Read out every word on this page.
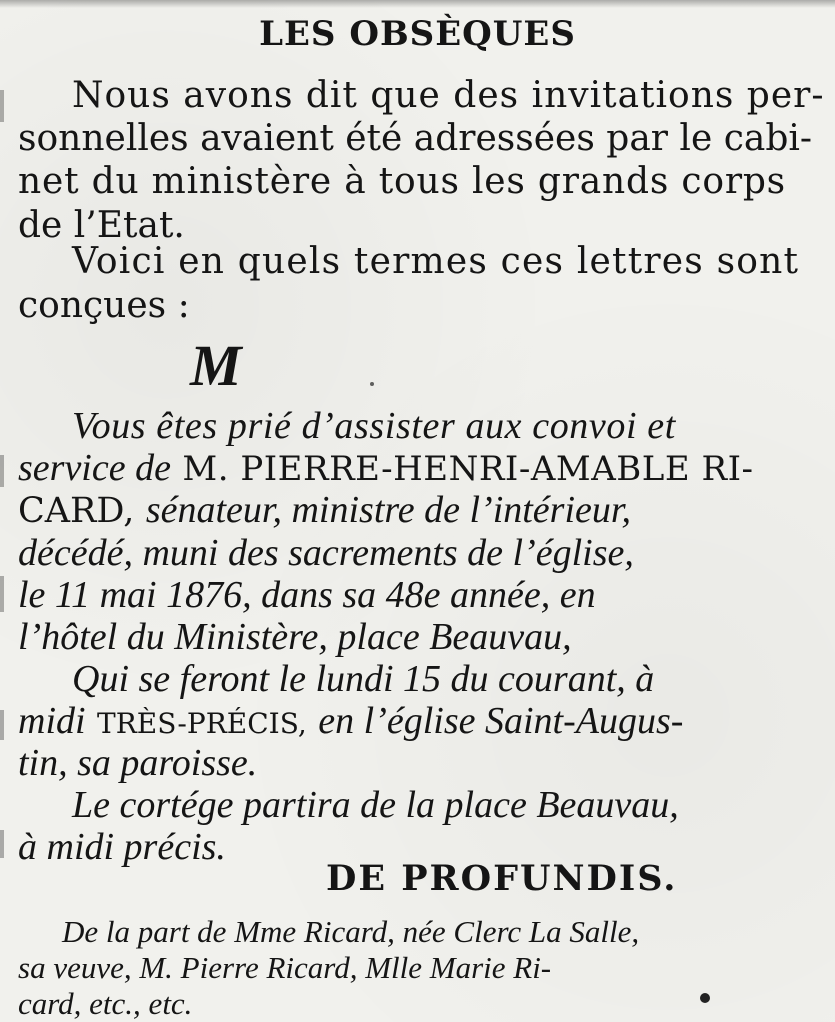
LES OBSÈQUES
Nous avons dit que des invitations per-
sonnelles avaient été adressées par le cabi-
net du ministère à tous les grands corps
de l’Etat.
Voici en quels termes ces lettres sont
conçues :
M
Vous êtes prié d’assister aux convoi et
service de M. PIERRE-HENRI-AMABLE RI-
CARD, sénateur, ministre de l’intérieur,
décédé, muni des sacrements de l’église,
le 11 mai 1876, dans sa 48e année, en
l’hôtel du Ministère, place Beauvau,
Qui se feront le lundi 15 du courant, à
midi TRÈS-PRÉCIS, en l’église Saint-Augus-
tin, sa paroisse.
Le cortége partira de la place Beauvau,
à midi précis.
DE PROFUNDIS.
De la part de Mme Ricard, née Clerc La Salle,
sa veuve, M. Pierre Ricard, Mlle Marie Ri-
card, etc., etc.
